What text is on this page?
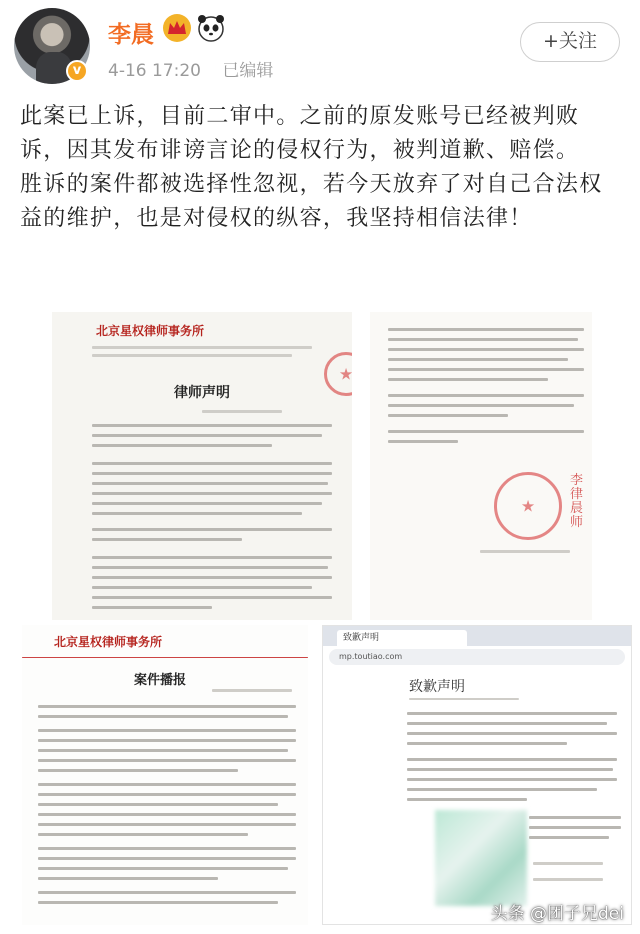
v
李晨
4-16 17:20 已编辑
+关注

此案已上诉，目前二审中。之前的原发账号已经被判败诉，因其发布诽谤言论的侵权行为，被判道歉、赔偿。

胜诉的案件都被选择性忽视，若今天放弃了对自己合法权益的维护，也是对侵权的纵容，我坚持相信法律！

北京星权律师事务所
律师声明
★
★
李 律 晨 师
北京星权律师事务所
案件播报
致歉声明
mp.toutiao.com
致歉声明
头条 @团子兄dei
